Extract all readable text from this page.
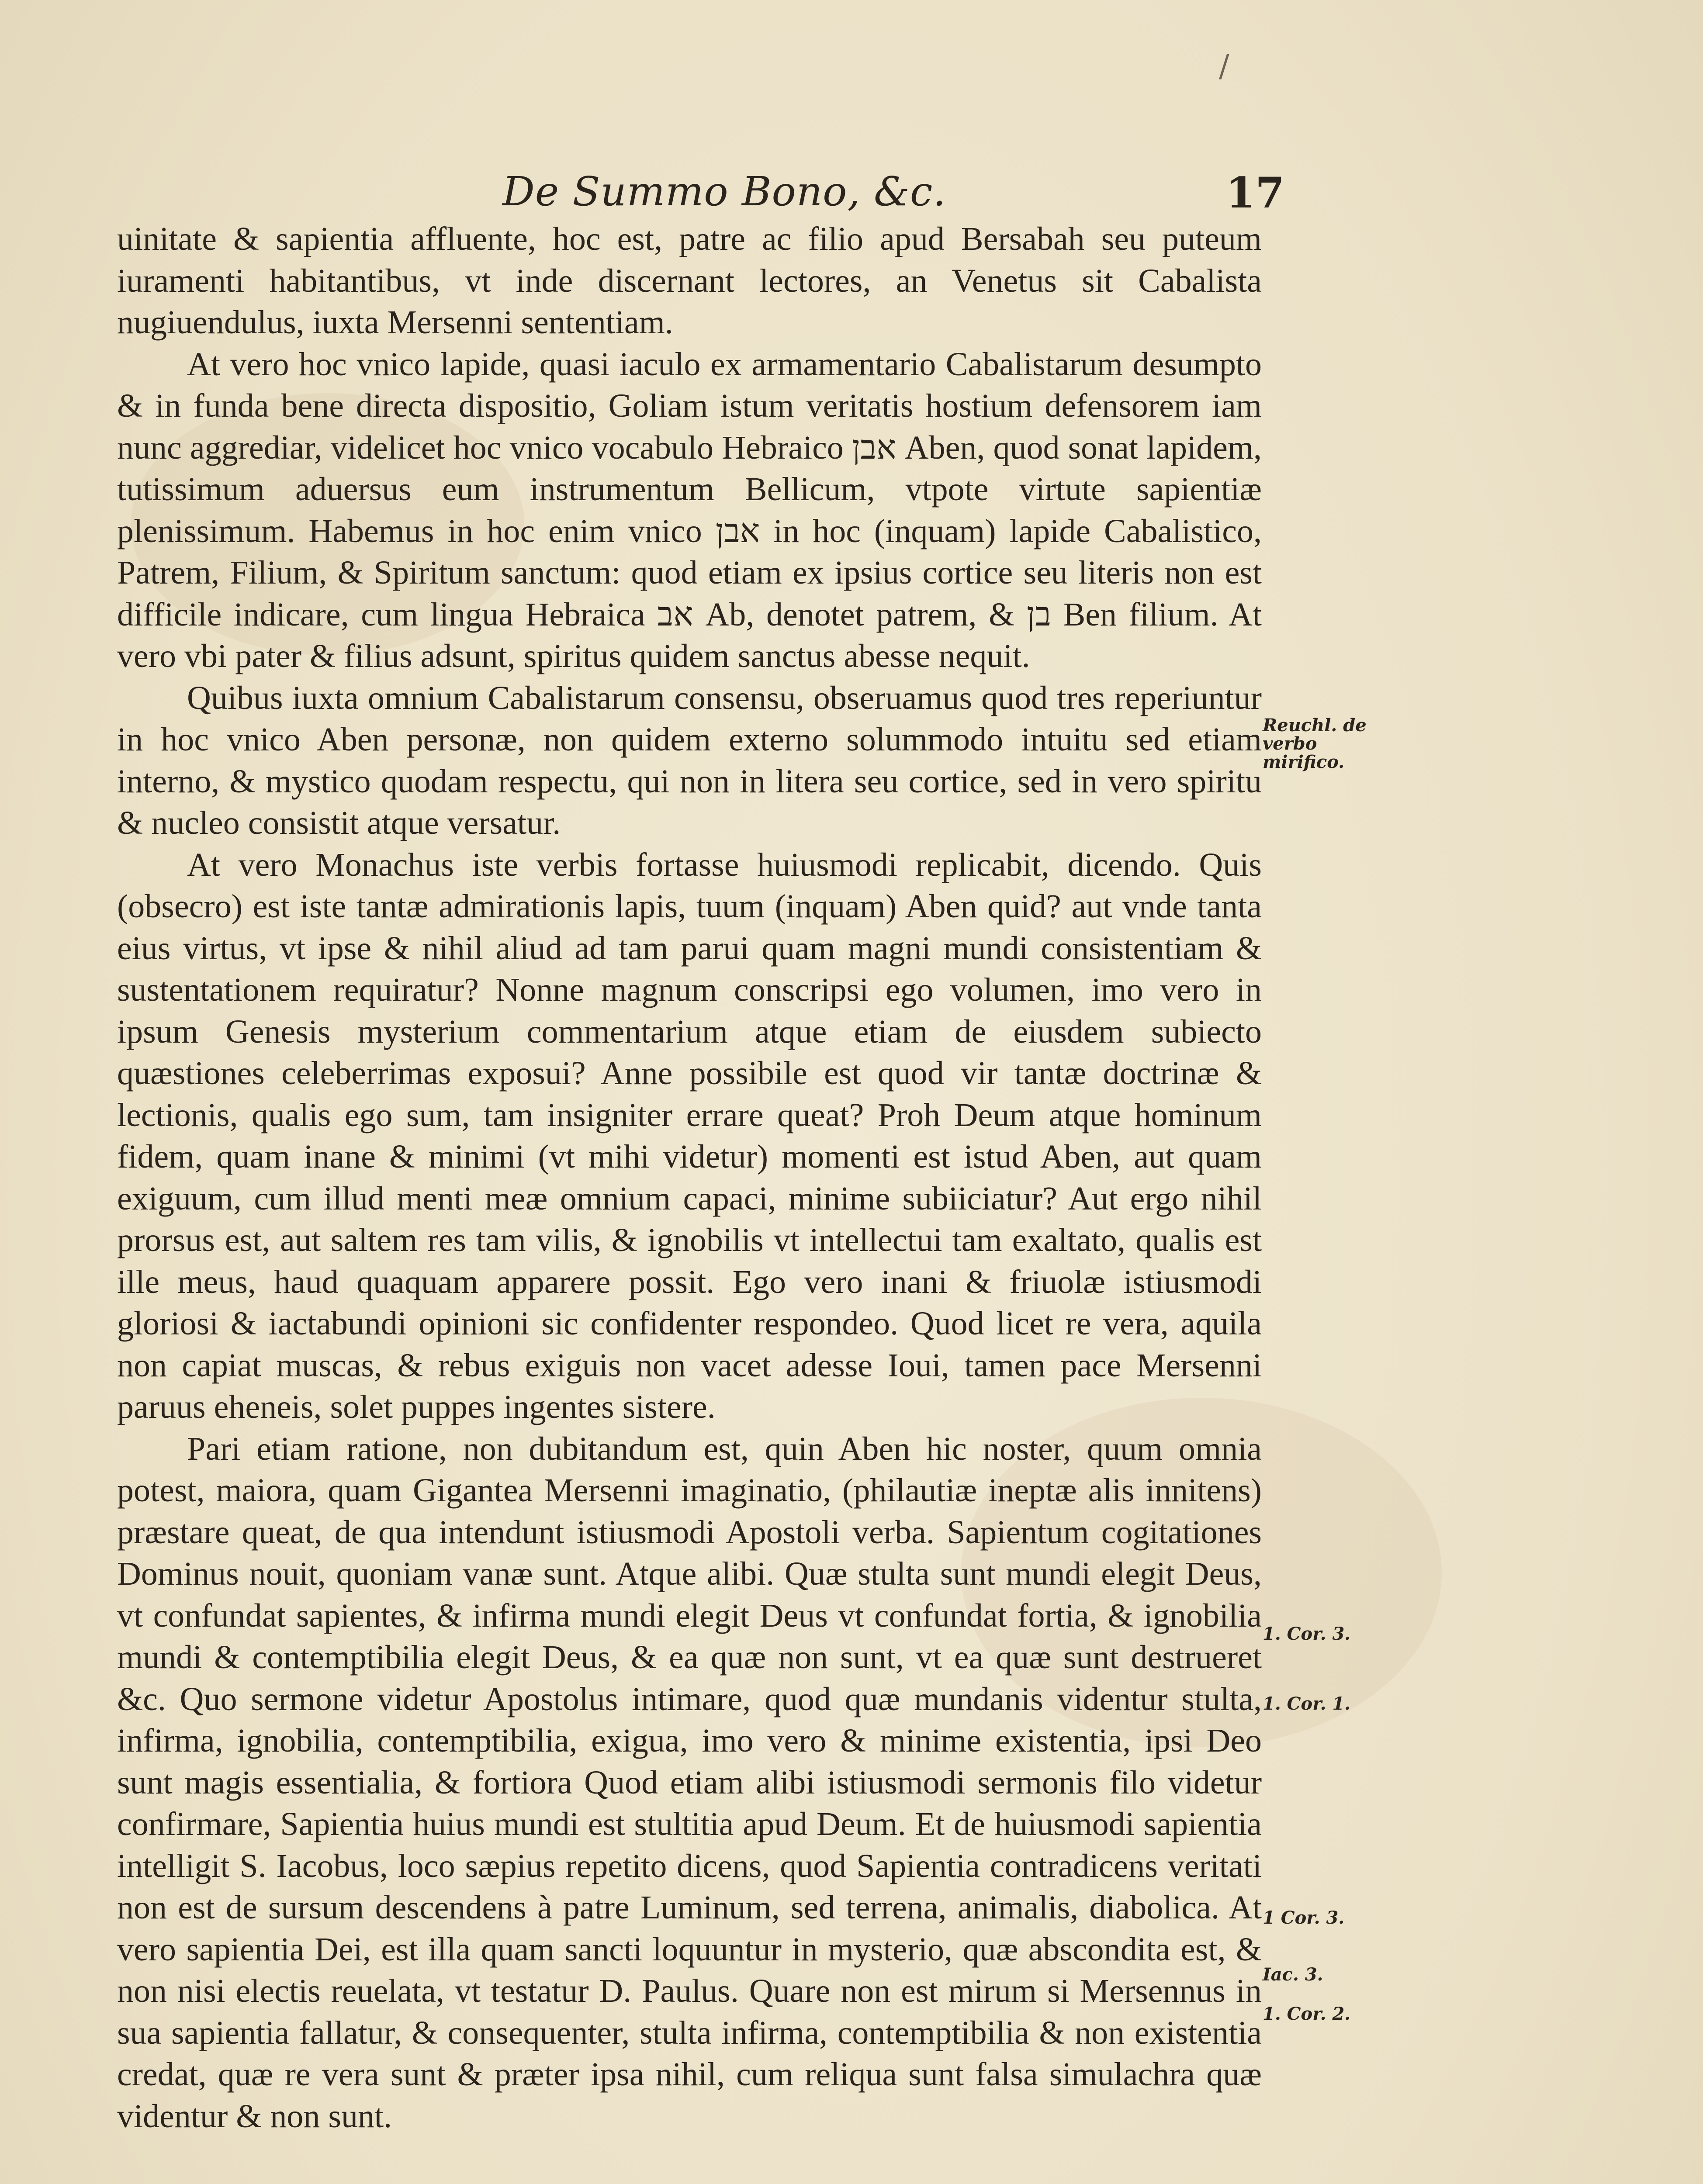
/
De Summo Bono, &c.	17

uinitate & sapientia affluente, hoc est, patre ac filio apud Bersabah seu puteum iuramenti habitantibus, vt inde discernant lectores, an Venetus sit Cabalista nugiuendulus, iuxta Mersenni sententiam.

At vero hoc vnico lapide, quasi iaculo ex armamentario Cabalistarum desumpto & in funda bene directa dispositio, Goliam istum veritatis hostium defensorem iam nunc aggrediar, videlicet hoc vnico vocabulo Hebraico אבן Aben, quod sonat lapidem, tutissimum aduersus eum instrumentum Bellicum, vtpote virtute sapientiæ plenissimum. Habemus in hoc enim vnico אבן in hoc (inquam) lapide Cabalistico, Patrem, Filium, & Spiritum sanctum: quod etiam ex ipsius cortice seu literis non est difficile indicare, cum lingua Hebraica אב Ab, denotet patrem, & בן Ben filium. At vero vbi pater & filius adsunt, spiritus quidem sanctus abesse nequit.

Quibus iuxta omnium Cabalistarum consensu, obseruamus quod tres reperiuntur in hoc vnico Aben personæ, non quidem externo solummodo intuitu sed etiam interno, & mystico quodam respectu, qui non in litera seu cortice, sed in vero spiritu & nucleo consistit atque versatur.

At vero Monachus iste verbis fortasse huiusmodi replicabit, dicendo. Quis (obsecro) est iste tantæ admirationis lapis, tuum (inquam) Aben quid? aut vnde tanta eius virtus, vt ipse & nihil aliud ad tam parui quam magni mundi consistentiam & sustentationem requiratur? Nonne magnum conscripsi ego volumen, imo vero in ipsum Genesis mysterium commentarium atque etiam de eiusdem subiecto quæstiones celeberrimas exposui? Anne possibile est quod vir tantæ doctrinæ & lectionis, qualis ego sum, tam insigniter errare queat? Proh Deum atque hominum fidem, quam inane & minimi (vt mihi videtur) momenti est istud Aben, aut quam exiguum, cum illud menti meæ omnium capaci, minime subiiciatur? Aut ergo nihil prorsus est, aut saltem res tam vilis, & ignobilis vt intellectui tam exaltato, qualis est ille meus, haud quaquam apparere possit. Ego vero inani & friuolæ istiusmodi gloriosi & iactabundi opinioni sic confidenter respondeo. Quod licet re vera, aquila non capiat muscas, & rebus exiguis non vacet adesse Ioui, tamen pace Mersenni paruus eheneis, solet puppes ingentes sistere.

Pari etiam ratione, non dubitandum est, quin Aben hic noster, quum omnia potest, maiora, quam Gigantea Mersenni imaginatio, (philautiæ ineptæ alis innitens) præstare queat, de qua intendunt istiusmodi Apostoli verba. Sapientum cogitationes Dominus nouit, quoniam vanæ sunt. Atque alibi. Quæ stulta sunt mundi elegit Deus, vt confundat sapientes, & infirma mundi elegit Deus vt confundat fortia, & ignobilia mundi & contemptibilia elegit Deus, & ea quæ non sunt, vt ea quæ sunt destrueret &c. Quo sermone videtur Apostolus intimare, quod quæ mundanis videntur stulta, infirma, ignobilia, contemptibilia, exigua, imo vero & minime existentia, ipsi Deo sunt magis essentialia, & fortiora Quod etiam alibi istiusmodi sermonis filo videtur confirmare, Sapientia huius mundi est stultitia apud Deum. Et de huiusmodi sapientia intelligit S. Iacobus, loco sæpius repetito dicens, quod Sapientia contradicens veritati non est de sursum descendens à patre Luminum, sed terrena, animalis, diabolica. At vero sapientia Dei, est illa quam sancti loquuntur in mysterio, quæ abscondita est, & non nisi electis reuelata, vt testatur D. Paulus. Quare non est mirum si Mersennus in sua sapientia fallatur, & consequenter, stulta infirma, contemptibilia & non existentia credat, quæ re vera sunt & præter ipsa nihil, cum reliqua sunt falsa simulachra quæ videntur & non sunt.

Reuchl. de verbo mirifico.
1. Cor. 3.
1. Cor. 1.
1 Cor. 3.
Iac. 3.
1. Cor. 2.
